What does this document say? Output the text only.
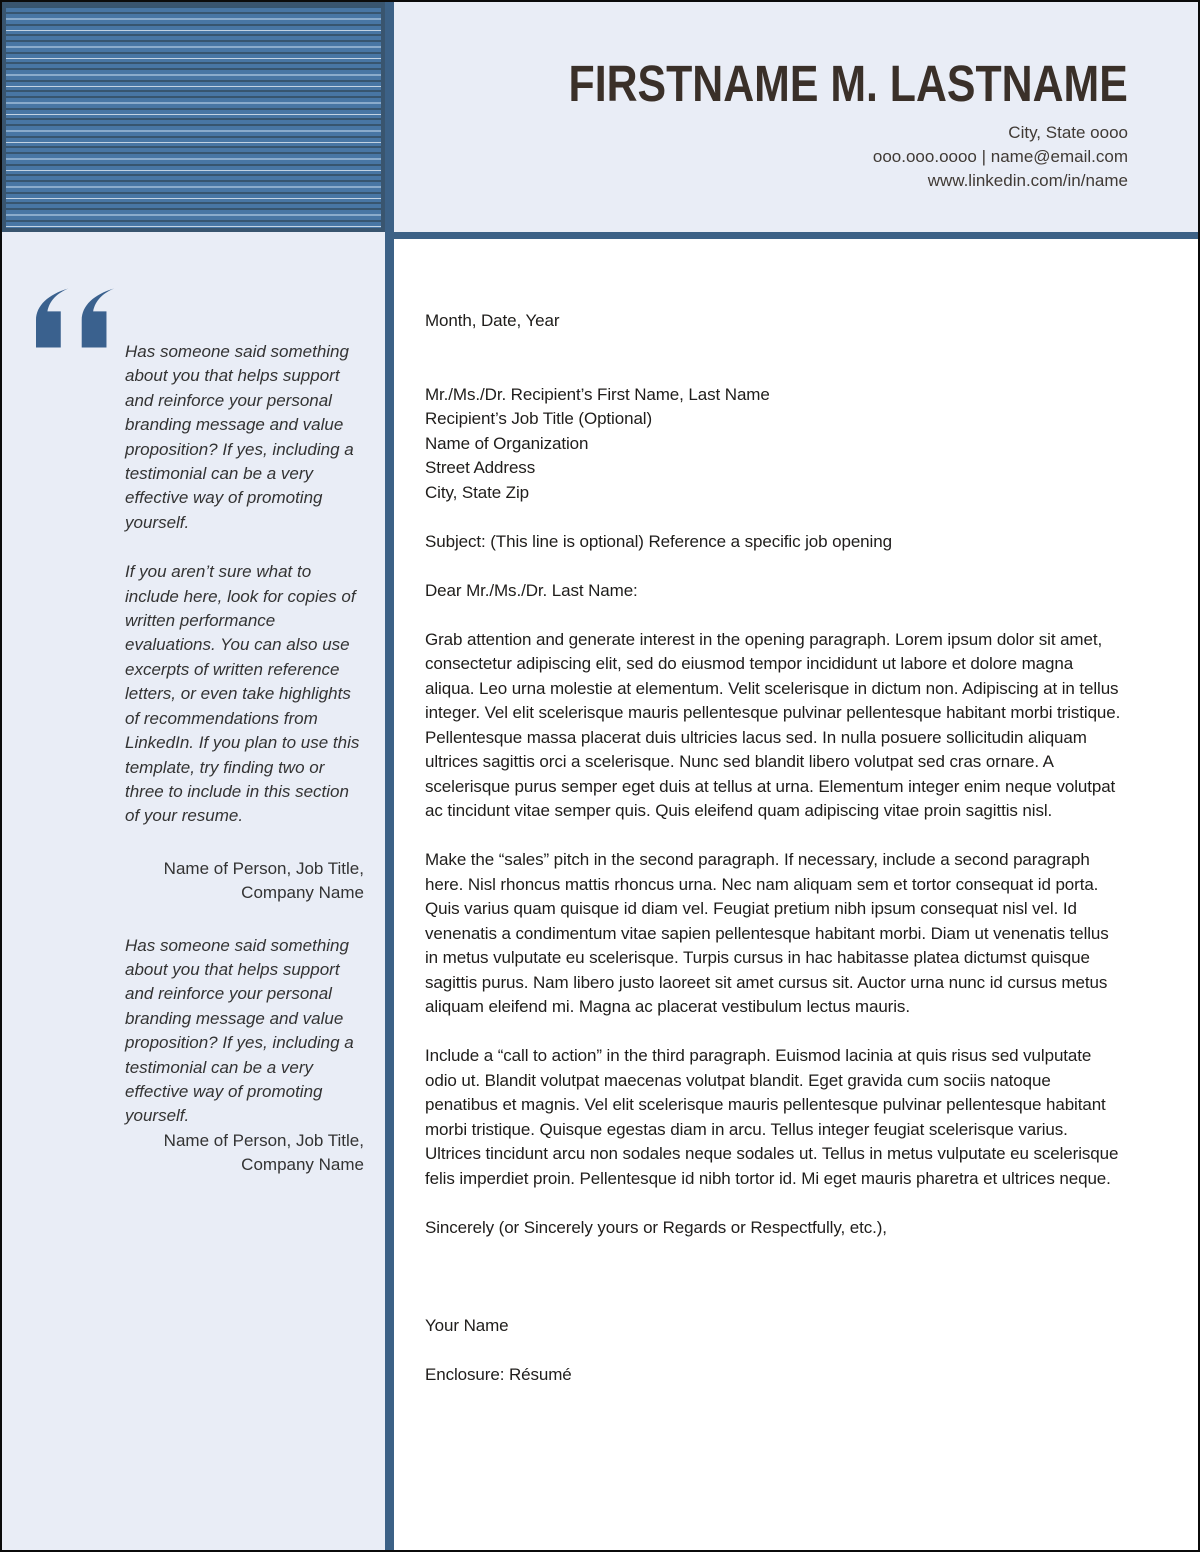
FIRSTNAME M. LASTNAME
City, State oooo
ooo.ooo.oooo | name@email.com
www.linkedin.com/in/name
Has someone said something about you that helps support and reinforce your personal branding message and value proposition? If yes, including a testimonial can be a very effective way of promoting yourself.
If you aren’t sure what to include here, look for copies of written performance evaluations. You can also use excerpts of written reference letters, or even take highlights of recommendations from LinkedIn. If you plan to use this template, try finding two or three to include in this section of your resume.
Name of Person, Job Title,
Company Name
Has someone said something about you that helps support and reinforce your personal branding message and value proposition? If yes, including a testimonial can be a very effective way of promoting yourself.
Name of Person, Job Title,
Company Name

Month, Date, Year

Mr./Ms./Dr. Recipient’s First Name, Last Name
Recipient’s Job Title (Optional)
Name of Organization
Street Address
City, State Zip

Subject: (This line is optional) Reference a specific job opening

Dear Mr./Ms./Dr. Last Name:

Grab attention and generate interest in the opening paragraph. Lorem ipsum dolor sit amet, consectetur adipiscing elit, sed do eiusmod tempor incididunt ut labore et dolore magna aliqua. Leo urna molestie at elementum. Velit scelerisque in dictum non. Adipiscing at in tellus integer. Vel elit scelerisque mauris pellentesque pulvinar pellentesque habitant morbi tristique. Pellentesque massa placerat duis ultricies lacus sed. In nulla posuere sollicitudin aliquam ultrices sagittis orci a scelerisque. Nunc sed blandit libero volutpat sed cras ornare. A scelerisque purus semper eget duis at tellus at urna. Elementum integer enim neque volutpat ac tincidunt vitae semper quis. Quis eleifend quam adipiscing vitae proin sagittis nisl.

Make the “sales” pitch in the second paragraph. If necessary, include a second paragraph here. Nisl rhoncus mattis rhoncus urna. Nec nam aliquam sem et tortor consequat id porta. Quis varius quam quisque id diam vel. Feugiat pretium nibh ipsum consequat nisl vel. Id venenatis a condimentum vitae sapien pellentesque habitant morbi. Diam ut venenatis tellus in metus vulputate eu scelerisque. Turpis cursus in hac habitasse platea dictumst quisque sagittis purus. Nam libero justo laoreet sit amet cursus sit. Auctor urna nunc id cursus metus aliquam eleifend mi. Magna ac placerat vestibulum lectus mauris.

Include a “call to action” in the third paragraph. Euismod lacinia at quis risus sed vulputate odio ut. Blandit volutpat maecenas volutpat blandit. Eget gravida cum sociis natoque penatibus et magnis. Vel elit scelerisque mauris pellentesque pulvinar pellentesque habitant morbi tristique. Quisque egestas diam in arcu. Tellus integer feugiat scelerisque varius. Ultrices tincidunt arcu non sodales neque sodales ut. Tellus in metus vulputate eu scelerisque felis imperdiet proin. Pellentesque id nibh tortor id. Mi eget mauris pharetra et ultrices neque.

Sincerely (or Sincerely yours or Regards or Respectfully, etc.),

Your Name

Enclosure: Résumé
